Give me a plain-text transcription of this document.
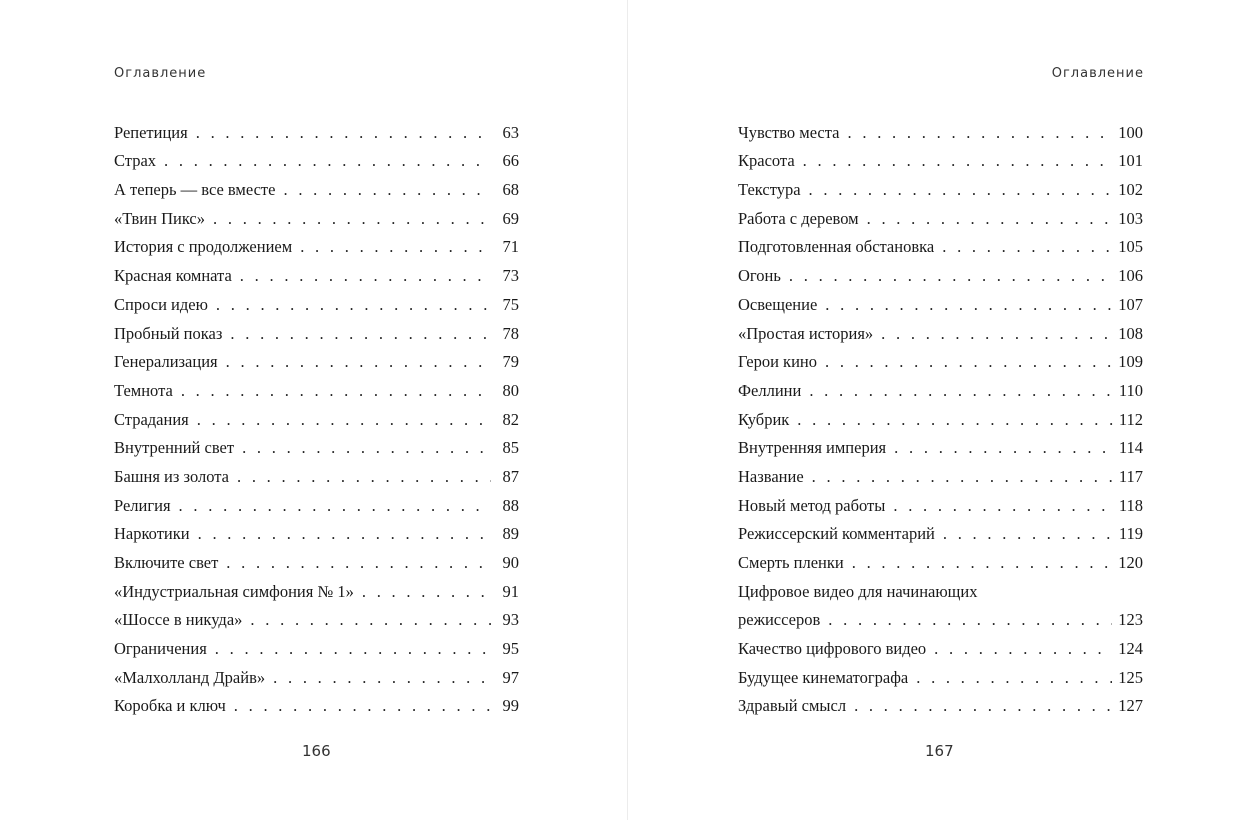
Оглавление
Репетиция . . .	63
Страх . . .	66
А теперь — все вместе . . .	68
«Твин Пикс» . . .	69
История с продолжением . . .	71
Красная комната . . .	73
Спроси идею . . .	75
Пробный показ . . .	78
Генерализация . . .	79
Темнота . . .	80
Страдания . . .	82
Внутренний свет . . .	85
Башня из золота . . .	87
Религия . . .	88
Наркотики . . .	89
Включите свет . . .	90
«Индустриальная симфония № 1» . . .	91
«Шоссе в никуда» . . .	93
Ограничения . . .	95
«Малхолланд Драйв» . . .	97
Коробка и ключ . . .	99
166
Оглавление
Чувство места . . .	100
Красота . . .	101
Текстура . . .	102
Работа с деревом . . .	103
Подготовленная обстановка . . .	105
Огонь . . .	106
Освещение . . .	107
«Простая история» . . .	108
Герои кино . . .	109
Феллини . . .	110
Кубрик . . .	112
Внутренняя империя . . .	114
Название . . .	117
Новый метод работы . . .	118
Режиссерский комментарий . . .	119
Смерть пленки . . .	120
Цифровое видео для начинающих
режиссеров . . .	123
Качество цифрового видео . . .	124
Будущее кинематографа . . .	125
Здравый смысл . . .	127
167
